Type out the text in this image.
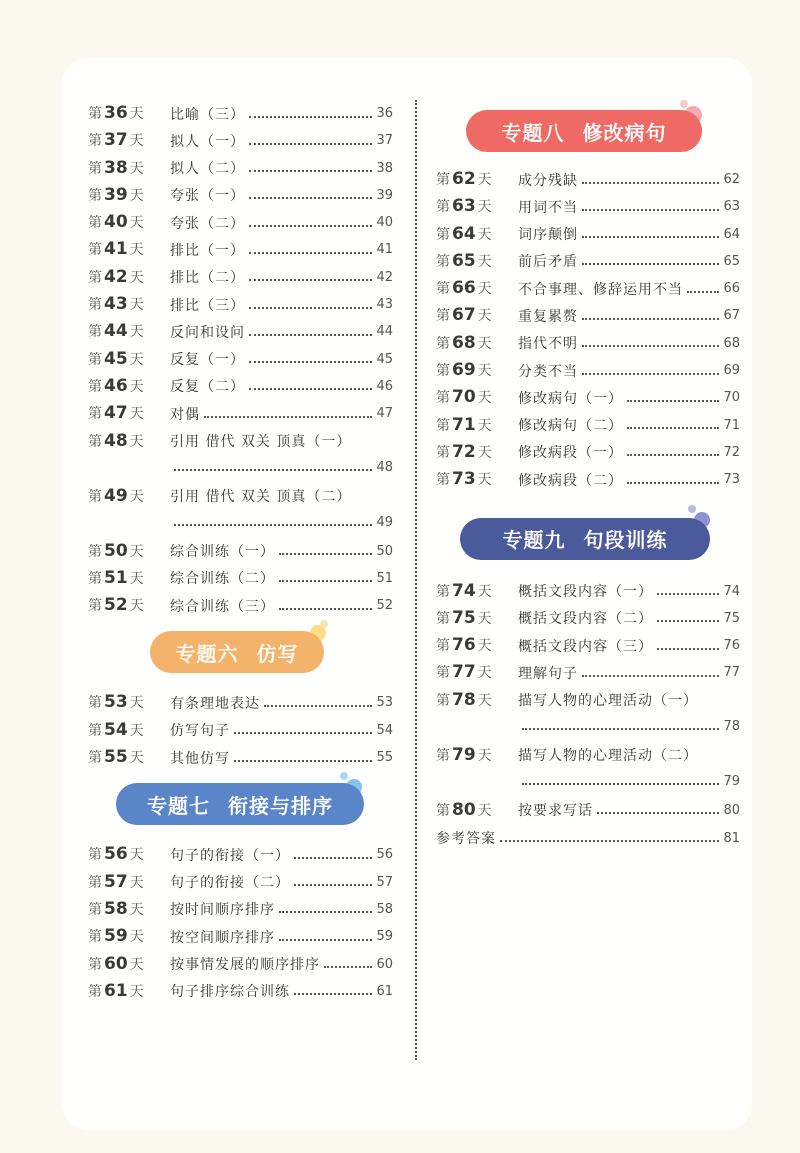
第 36 天	比喻（三）	36
第 37 天	拟人（一）	37
第 38 天	拟人（二）	38
第 39 天	夸张（一）	39
第 40 天	夸张（二）	40
第 41 天	排比（一）	41
第 42 天	排比（二）	42
第 43 天	排比（三）	43
第 44 天	反问和设问	44
第 45 天	反复（一）	45
第 46 天	反复（二）	46
第 47 天	对偶	47
第 48 天	引用 借代 双关 顶真（一）
48
第 49 天	引用 借代 双关 顶真（二）
49
第 50 天	综合训练（一）	50
第 51 天	综合训练（二）	51
第 52 天	综合训练（三）	52
专题六 仿写
第 53 天	有条理地表达	53
第 54 天	仿写句子	54
第 55 天	其他仿写	55
专题七 衔接与排序
第 56 天	句子的衔接（一）	56
第 57 天	句子的衔接（二）	57
第 58 天	按时间顺序排序	58
第 59 天	按空间顺序排序	59
第 60 天	按事情发展的顺序排序	60
第 61 天	句子排序综合训练	61
专题八 修改病句
第 62 天	成分残缺	62
第 63 天	用词不当	63
第 64 天	词序颠倒	64
第 65 天	前后矛盾	65
第 66 天	不合事理、修辞运用不当	66
第 67 天	重复累赘	67
第 68 天	指代不明	68
第 69 天	分类不当	69
第 70 天	修改病句（一）	70
第 71 天	修改病句（二）	71
第 72 天	修改病段（一）	72
第 73 天	修改病段（二）	73
专题九 句段训练
第 74 天	概括文段内容（一）	74
第 75 天	概括文段内容（二）	75
第 76 天	概括文段内容（三）	76
第 77 天	理解句子	77
第 78 天	描写人物的心理活动（一）
78
第 79 天	描写人物的心理活动（二）
79
第 80 天	按要求写话	80
参考答案	81
